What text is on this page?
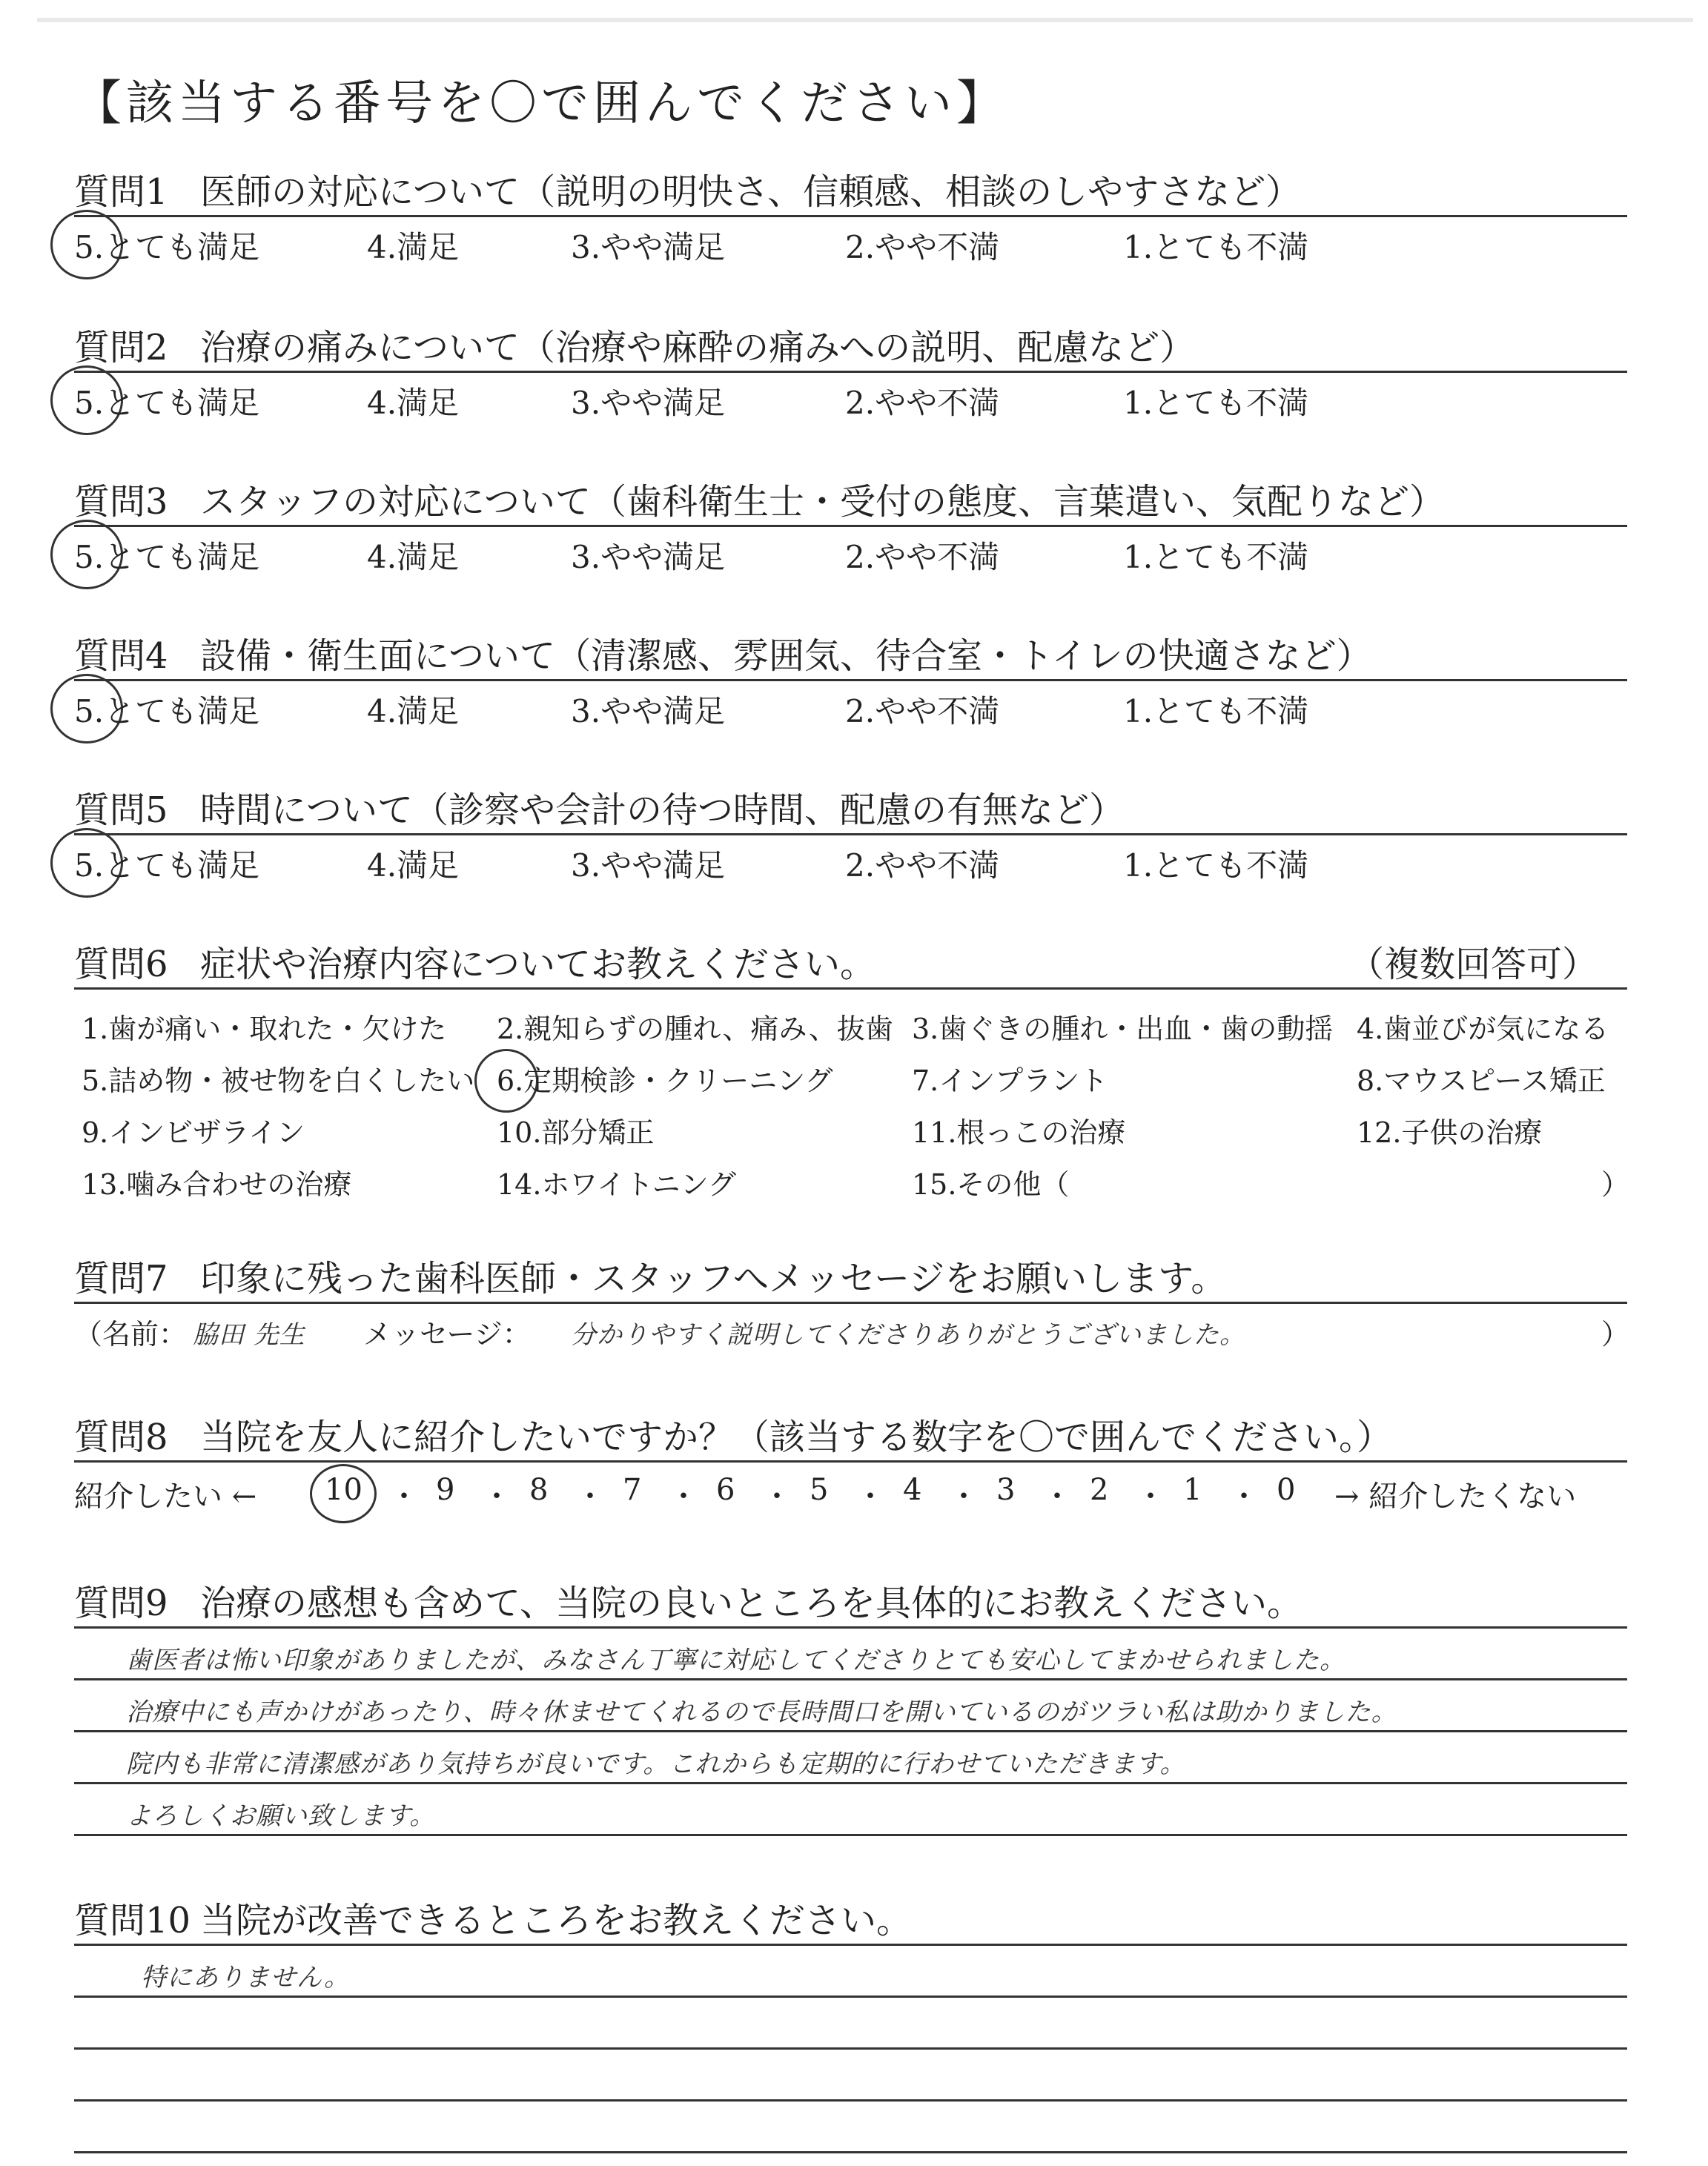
【該当する番号を〇で囲んでください】
質問1 医師の対応について（説明の明快さ、信頼感、相談のしやすさなど）
5.とても満足	4.満足	3.やや満足	2.やや不満	1.とても不満
質問2 治療の痛みについて（治療や麻酔の痛みへの説明、配慮など）
5.とても満足	4.満足	3.やや満足	2.やや不満	1.とても不満
質問3 スタッフの対応について（歯科衛生士・受付の態度、言葉遣い、気配りなど）
5.とても満足	4.満足	3.やや満足	2.やや不満	1.とても不満
質問4 設備・衛生面について（清潔感、雰囲気、待合室・トイレの快適さなど）
5.とても満足	4.満足	3.やや満足	2.やや不満	1.とても不満
質問5 時間について（診察や会計の待つ時間、配慮の有無など）
5.とても満足	4.満足	3.やや満足	2.やや不満	1.とても不満
質問6 症状や治療内容についてお教えください。	（複数回答可）
1.歯が痛い・取れた・欠けた 2.親知らずの腫れ、痛み、抜歯 3.歯ぐきの腫れ・出血・歯の動揺 4.歯並びが気になる
5.詰め物・被せ物を白くしたい 6.定期検診・クリーニング	7.インプラント	8.マウスピース矯正
9.インビザライン	10.部分矯正	11.根っこの治療	12.子供の治療
13.噛み合わせの治療	14.ホワイトニング	15.その他（	）
質問7 印象に残った歯科医師・スタッフへメッセージをお願いします。
（名前： 脇田 先生 メッセージ： 分かりやすく説明してくださりありがとうございました。	）
質問8 当院を友人に紹介したいですか？（該当する数字を〇で囲んでください。）
紹介したい ← 10 ・ 9 ・ 8 ・ 7 ・ 6 ・ 5 ・ 4 ・ 3 ・ 2 ・ 1 ・ 0 → 紹介したくない
質問9 治療の感想も含めて、当院の良いところを具体的にお教えください。
歯医者は怖い印象がありましたが、みなさん丁寧に対応してくださりとても安心してまかせられました。
治療中にも声かけがあったり、時々休ませてくれるので長時間口を開いているのがツラい私は助かりました。
院内も非常に清潔感があり気持ちが良いです。これからも定期的に行わせていただきます。
よろしくお願い致します。
質問10 当院が改善できるところをお教えください。
特にありません。
